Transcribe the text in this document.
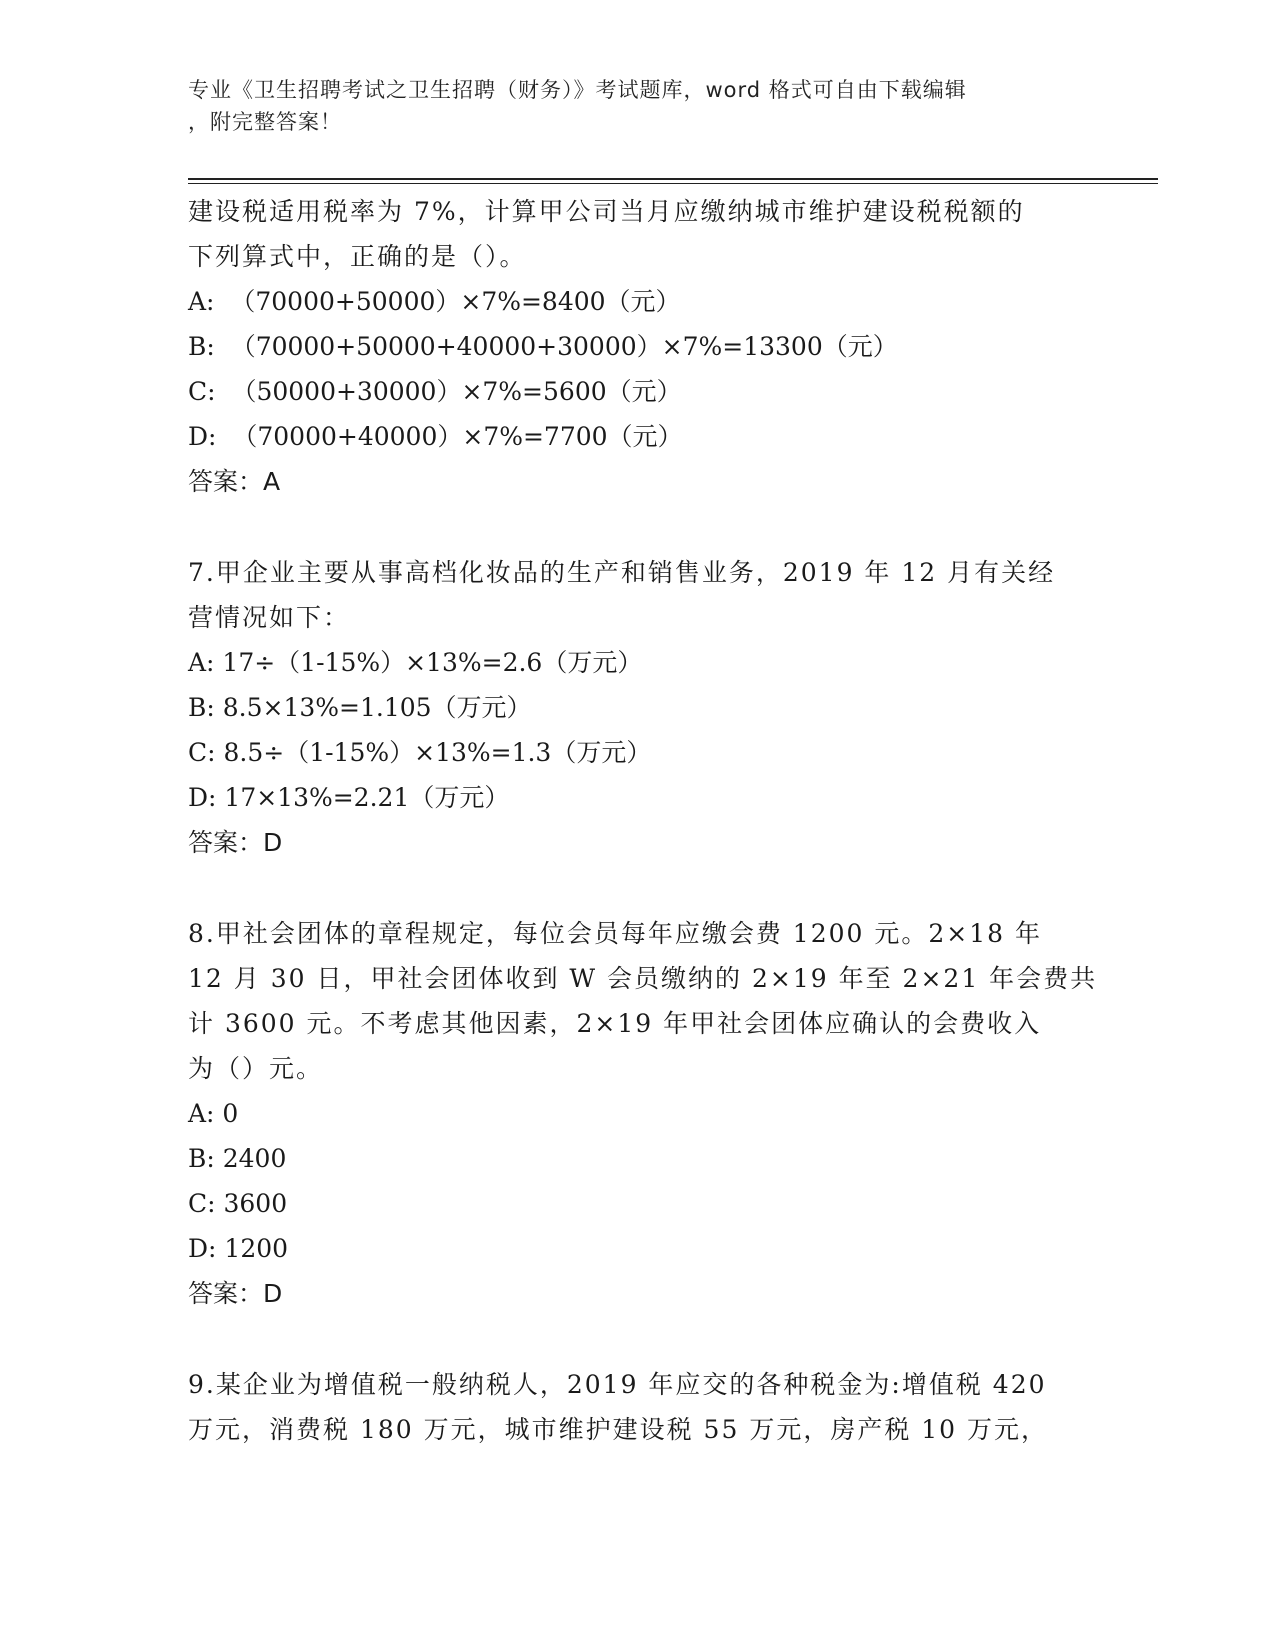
专业《卫生招聘考试之卫生招聘（财务）》考试题库，word 格式可自由下载编辑
，附完整答案！
建设税适用税率为 7%，计算甲公司当月应缴纳城市维护建设税税额的
下列算式中，正确的是（）。
A:  （70000+50000）×7%=8400（元）
B:  （70000+50000+40000+30000）×7%=13300（元）
C:  （50000+30000）×7%=5600（元）
D:  （70000+40000）×7%=7700（元）
答案：A
7.甲企业主要从事高档化妆品的生产和销售业务，2019 年 12 月有关经
营情况如下：
A: 17÷（1-15%）×13%=2.6（万元）
B: 8.5×13%=1.105（万元）
C: 8.5÷（1-15%）×13%=1.3（万元）
D: 17×13%=2.21（万元）
答案：D
8.甲社会团体的章程规定，每位会员每年应缴会费 1200 元。2×18 年
12 月 30 日，甲社会团体收到 W 会员缴纳的 2×19 年至 2×21 年会费共
计 3600 元。不考虑其他因素，2×19 年甲社会团体应确认的会费收入
为（）元。
A: 0
B: 2400
C: 3600
D: 1200
答案：D
9.某企业为增值税一般纳税人，2019 年应交的各种税金为:增值税 420
万元，消费税 180 万元，城市维护建设税 55 万元，房产税 10 万元，
